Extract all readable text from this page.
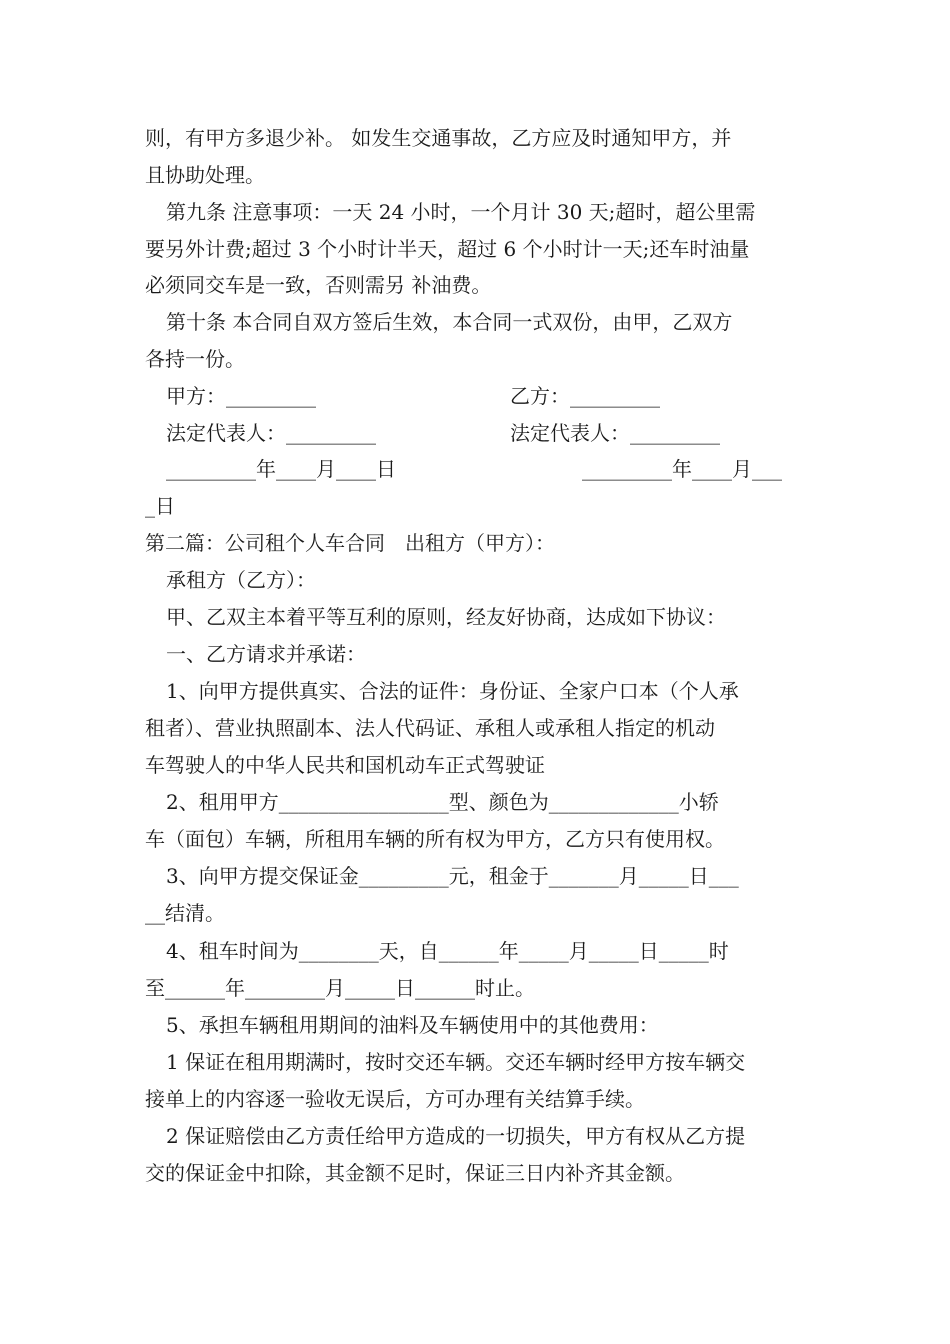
则，有甲方多退少补。 如发生交通事故，乙方应及时通知甲方，并
且协助处理。
第九条 注意事项：一天 24 小时，一个月计 30 天;超时，超公里需
要另外计费;超过 3 个小时计半天，超过 6 个小时计一天;还车时油量
必须同交车是一致，否则需另 补油费。
第十条 本合同自双方签后生效，本合同一式双份，由甲，乙双方
各持一份。
甲方：_________	乙方：_________
法定代表人：_________	法定代表人：_________
_________年____月____日	_________年____月___
_日
第二篇：公司租个人车合同　出租方（甲方）：
承租方（乙方）：
甲、乙双主本着平等互利的原则，经友好协商，达成如下协议：
一、乙方请求并承诺：
1、向甲方提供真实、合法的证件：身份证、全家户口本（个人承
租者）、营业执照副本、法人代码证、承租人或承租人指定的机动
车驾驶人的中华人民共和国机动车正式驾驶证
2、租用甲方_________________型、颜色为_____________小轿
车（面包）车辆，所租用车辆的所有权为甲方，乙方只有使用权。
3、向甲方提交保证金_________元，租金于_______月_____日___
__结清。
4、租车时间为________天，自______年_____月_____日_____时
至______年________月_____日______时止。
5、承担车辆租用期间的油料及车辆使用中的其他费用：
1 保证在租用期满时，按时交还车辆。交还车辆时经甲方按车辆交
接单上的内容逐一验收无误后，方可办理有关结算手续。
2 保证赔偿由乙方责任给甲方造成的一切损失，甲方有权从乙方提
交的保证金中扣除，其金额不足时，保证三日内补齐其金额。
